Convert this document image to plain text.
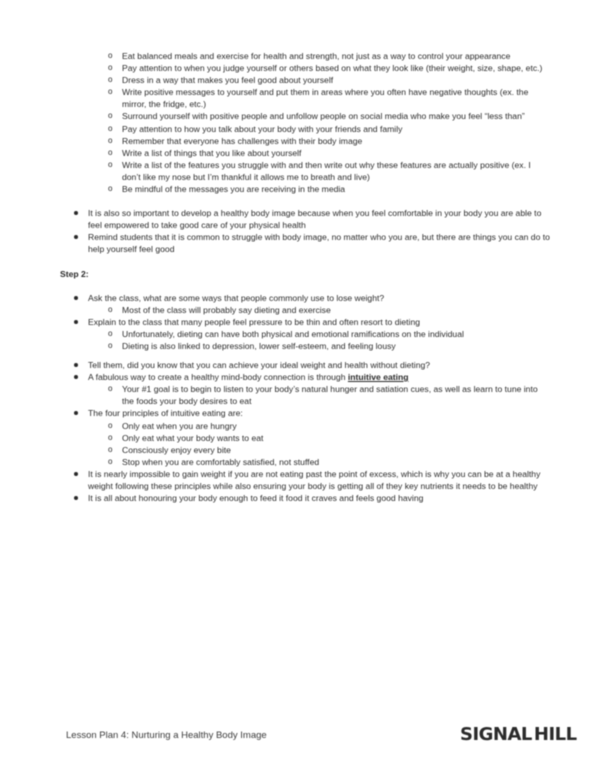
o Eat balanced meals and exercise for health and strength, not just as a way to control your appearance
o Pay attention to when you judge yourself or others based on what they look like (their weight, size, shape, etc.)
o Dress in a way that makes you feel good about yourself
o Write positive messages to yourself and put them in areas where you often have negative thoughts (ex. the mirror, the fridge, etc.)
o Surround yourself with positive people and unfollow people on social media who make you feel “less than”
o Pay attention to how you talk about your body with your friends and family
o Remember that everyone has challenges with their body image
o Write a list of things that you like about yourself
o Write a list of the features you struggle with and then write out why these features are actually positive (ex. I don’t like my nose but I’m thankful it allows me to breath and live)
o Be mindful of the messages you are receiving in the media
It is also so important to develop a healthy body image because when you feel comfortable in your body you are able to feel empowered to take good care of your physical health
Remind students that it is common to struggle with body image, no matter who you are, but there are things you can do to help yourself feel good

Step 2:

Ask the class, what are some ways that people commonly use to lose weight?
o Most of the class will probably say dieting and exercise
Explain to the class that many people feel pressure to be thin and often resort to dieting
o Unfortunately, dieting can have both physical and emotional ramifications on the individual
o Dieting is also linked to depression, lower self-esteem, and feeling lousy
Tell them, did you know that you can achieve your ideal weight and health without dieting?
A fabulous way to create a healthy mind-body connection is through intuitive eating
o Your #1 goal is to begin to listen to your body’s natural hunger and satiation cues, as well as learn to tune into the foods your body desires to eat
The four principles of intuitive eating are:
o Only eat when you are hungry
o Only eat what your body wants to eat
o Consciously enjoy every bite
o Stop when you are comfortably satisfied, not stuffed
It is nearly impossible to gain weight if you are not eating past the point of excess, which is why you can be at a healthy weight following these principles while also ensuring your body is getting all of they key nutrients it needs to be healthy
It is all about honouring your body enough to feed it food it craves and feels good having
Lesson Plan 4: Nurturing a Healthy Body Image	SIGNAL HILL
